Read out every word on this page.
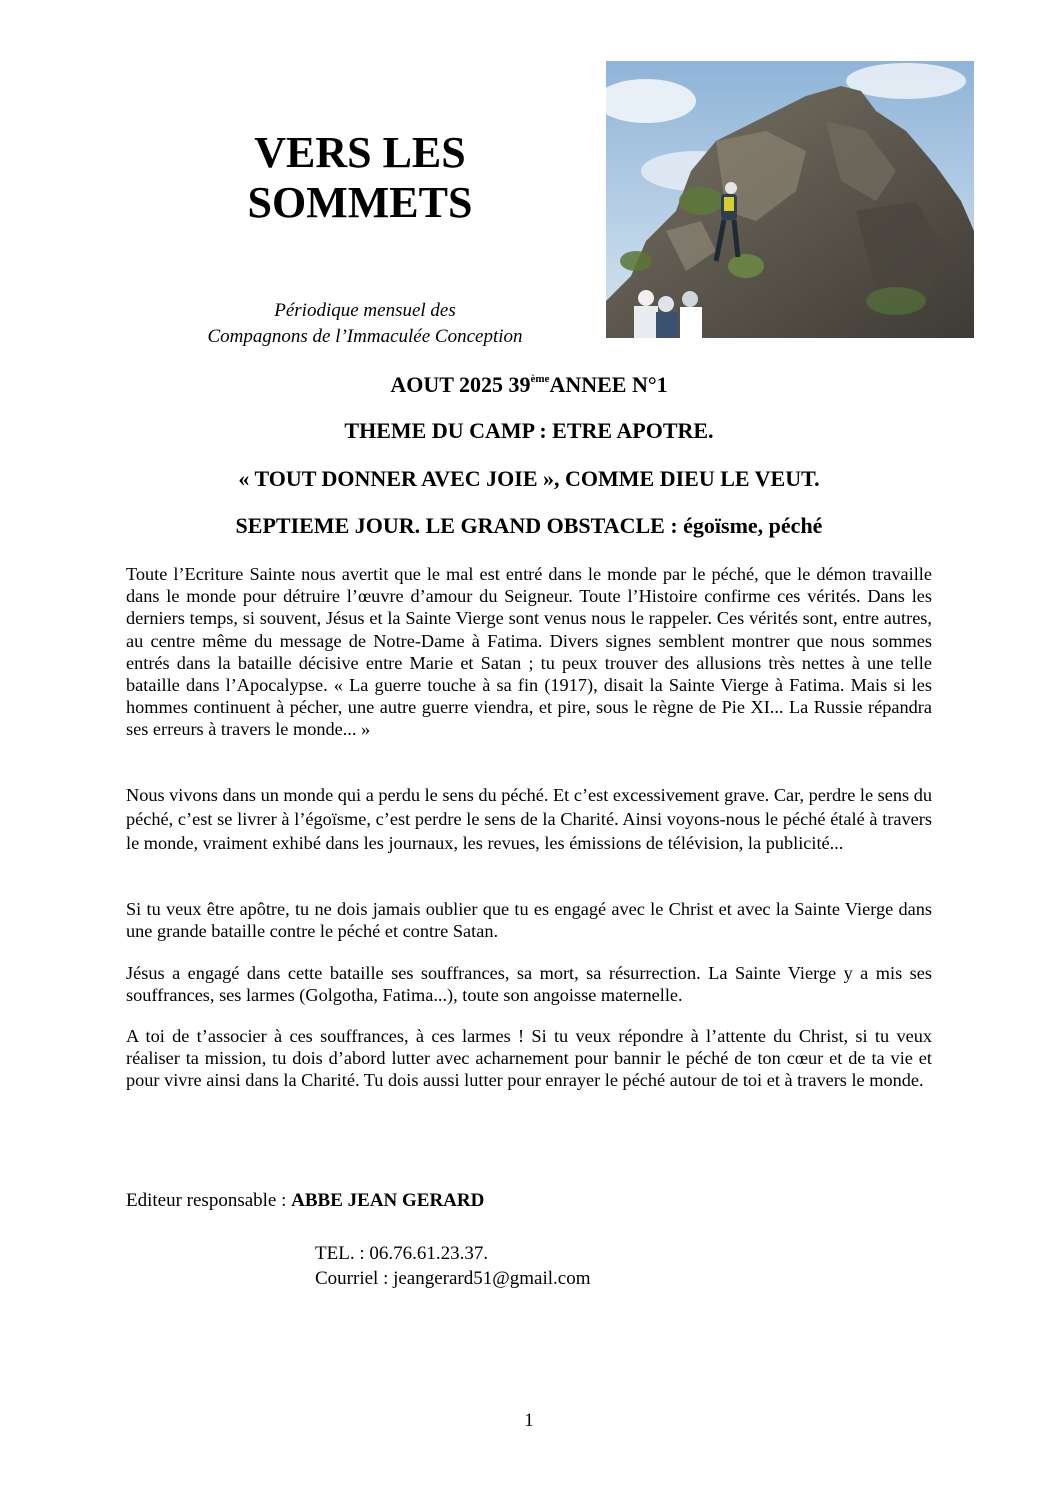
VERS LES
SOMMETS
Périodique mensuel des
Compagnons de l’Immaculée Conception
AOUT 2025 39èmeANNEE N°1
THEME DU CAMP : ETRE APOTRE.
« TOUT DONNER AVEC JOIE », COMME DIEU LE VEUT.
SEPTIEME JOUR. LE GRAND OBSTACLE : égoïsme, péché

Toute l’Ecriture Sainte nous avertit que le mal est entré dans le monde par le péché, que le démon travaille dans le monde pour détruire l’œuvre d’amour du Seigneur. Toute l’Histoire confirme ces vérités. Dans les derniers temps, si souvent, Jésus et la Sainte Vierge sont venus nous le rappeler. Ces vérités sont, entre autres, au centre même du message de Notre-Dame à Fatima. Divers signes semblent montrer que nous sommes entrés dans la bataille décisive entre Marie et Satan ; tu peux trouver des allusions très nettes à une telle bataille dans l’Apocalypse. « La guerre touche à sa fin (1917), disait la Sainte Vierge à Fatima. Mais si les hommes continuent à pécher, une autre guerre viendra, et pire, sous le règne de Pie XI... La Russie répandra ses erreurs à travers le monde... »

Nous vivons dans un monde qui a perdu le sens du péché. Et c’est excessivement grave. Car, perdre le sens du péché, c’est se livrer à l’égoïsme, c’est perdre le sens de la Charité. Ainsi voyons-nous le péché étalé à travers le monde, vraiment exhibé dans les journaux, les revues, les émissions de télévision, la publicité...

Si tu veux être apôtre, tu ne dois jamais oublier que tu es engagé avec le Christ et avec la Sainte Vierge dans une grande bataille contre le péché et contre Satan.

Jésus a engagé dans cette bataille ses souffrances, sa mort, sa résurrection. La Sainte Vierge y a mis ses souffrances, ses larmes (Golgotha, Fatima...), toute son angoisse maternelle.

A toi de t’associer à ces souffrances, à ces larmes ! Si tu veux répondre à l’attente du Christ, si tu veux réaliser ta mission, tu dois d’abord lutter avec acharnement pour bannir le péché de ton cœur et de ta vie et pour vivre ainsi dans la Charité. Tu dois aussi lutter pour enrayer le péché autour de toi et à travers le monde.

Editeur responsable : ABBE JEAN GERARD
TEL. : 06.76.61.23.37.
Courriel : jeangerard51@gmail.com
1
